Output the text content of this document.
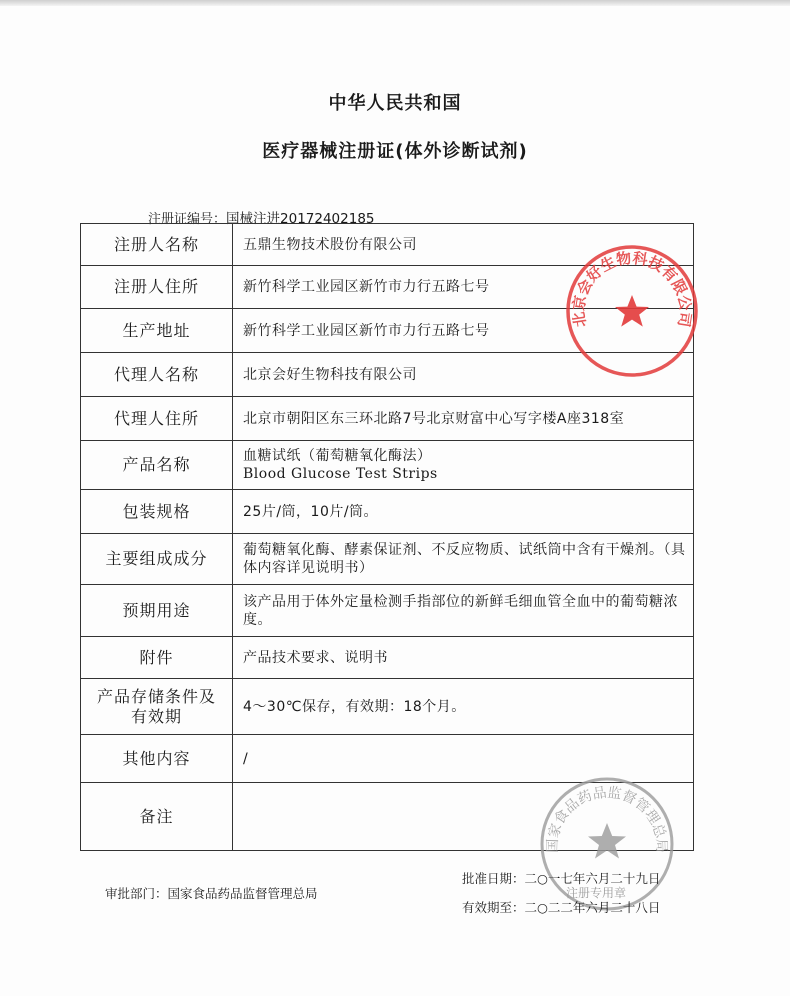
中华人民共和国
医疗器械注册证(体外诊断试剂)
注册证编号：国械注进20172402185
注册人名称	五鼎生物技术股份有限公司
注册人住所	新竹科学工业园区新竹市力行五路七号
生产地址	新竹科学工业园区新竹市力行五路七号
代理人名称	北京会好生物科技有限公司
代理人住所	北京市朝阳区东三环北路7号北京财富中心写字楼A座318室
产品名称	血糖试纸（葡萄糖氧化酶法）
Blood Glucose Test Strips

包装规格	25片/筒，10片/筒。
主要组成成分	葡萄糖氧化酶、酵素保证剂、不反应物质、试纸筒中含有干燥剂。（具体内容详见说明书）
预期用途	该产品用于体外定量检测手指部位的新鲜毛细血管全血中的葡萄糖浓度。
附件	产品技术要求、说明书

产品存储条件及
有效期	4～30℃保存，有效期：18个月。
其他内容	/
备注	
北京会好生物科技有限公司
国家食品药品监督管理总局
注册专用章
审批部门：国家食品药品监督管理总局
批准日期：二○一七年六月二十九日
有效期至：二○二二年六月二十八日
